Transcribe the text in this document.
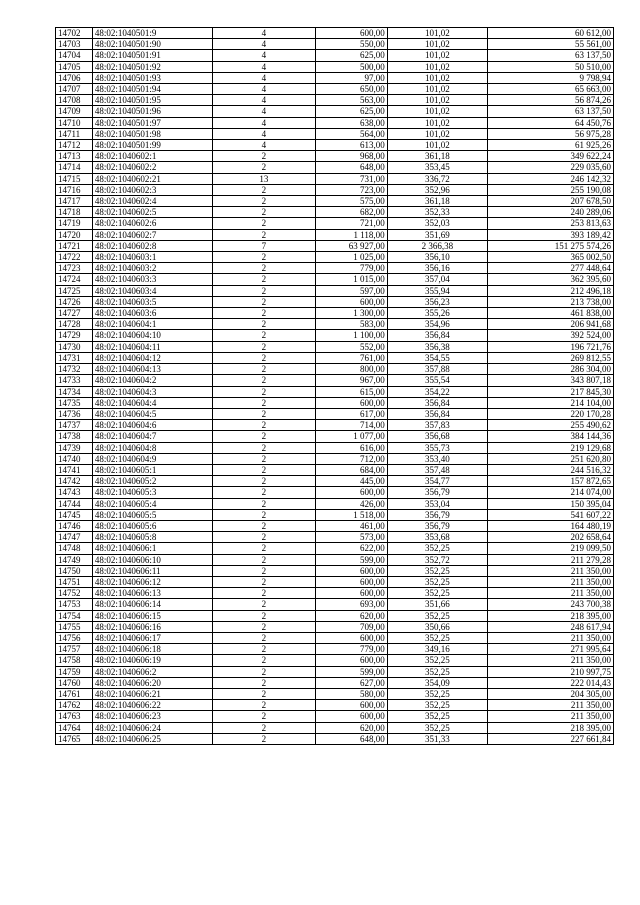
14702	48:02:1040501:9	4	600,00	101,02	60 612,00
14703	48:02:1040501:90	4	550,00	101,02	55 561,00
14704	48:02:1040501:91	4	625,00	101,02	63 137,50
14705	48:02:1040501:92	4	500,00	101,02	50 510,00
14706	48:02:1040501:93	4	97,00	101,02	9 798,94
14707	48:02:1040501:94	4	650,00	101,02	65 663,00
14708	48:02:1040501:95	4	563,00	101,02	56 874,26
14709	48:02:1040501:96	4	625,00	101,02	63 137,50
14710	48:02:1040501:97	4	638,00	101,02	64 450,76
14711	48:02:1040501:98	4	564,00	101,02	56 975,28
14712	48:02:1040501:99	4	613,00	101,02	61 925,26
14713	48:02:1040602:1	2	968,00	361,18	349 622,24
14714	48:02:1040602:2	2	648,00	353,45	229 035,60
14715	48:02:1040602:21	13	731,00	336,72	246 142,32
14716	48:02:1040602:3	2	723,00	352,96	255 190,08
14717	48:02:1040602:4	2	575,00	361,18	207 678,50
14718	48:02:1040602:5	2	682,00	352,33	240 289,06
14719	48:02:1040602:6	2	721,00	352,03	253 813,63
14720	48:02:1040602:7	2	1 118,00	351,69	393 189,42
14721	48:02:1040602:8	7	63 927,00	2 366,38	151 275 574,26
14722	48:02:1040603:1	2	1 025,00	356,10	365 002,50
14723	48:02:1040603:2	2	779,00	356,16	277 448,64
14724	48:02:1040603:3	2	1 015,00	357,04	362 395,60
14725	48:02:1040603:4	2	597,00	355,94	212 496,18
14726	48:02:1040603:5	2	600,00	356,23	213 738,00
14727	48:02:1040603:6	2	1 300,00	355,26	461 838,00
14728	48:02:1040604:1	2	583,00	354,96	206 941,68
14729	48:02:1040604:10	2	1 100,00	356,84	392 524,00
14730	48:02:1040604:11	2	552,00	356,38	196 721,76
14731	48:02:1040604:12	2	761,00	354,55	269 812,55
14732	48:02:1040604:13	2	800,00	357,88	286 304,00
14733	48:02:1040604:2	2	967,00	355,54	343 807,18
14734	48:02:1040604:3	2	615,00	354,22	217 845,30
14735	48:02:1040604:4	2	600,00	356,84	214 104,00
14736	48:02:1040604:5	2	617,00	356,84	220 170,28
14737	48:02:1040604:6	2	714,00	357,83	255 490,62
14738	48:02:1040604:7	2	1 077,00	356,68	384 144,36
14739	48:02:1040604:8	2	616,00	355,73	219 129,68
14740	48:02:1040604:9	2	712,00	353,40	251 620,80
14741	48:02:1040605:1	2	684,00	357,48	244 516,32
14742	48:02:1040605:2	2	445,00	354,77	157 872,65
14743	48:02:1040605:3	2	600,00	356,79	214 074,00
14744	48:02:1040605:4	2	426,00	353,04	150 395,04
14745	48:02:1040605:5	2	1 518,00	356,79	541 607,22
14746	48:02:1040605:6	2	461,00	356,79	164 480,19
14747	48:02:1040605:8	2	573,00	353,68	202 658,64
14748	48:02:1040606:1	2	622,00	352,25	219 099,50
14749	48:02:1040606:10	2	599,00	352,72	211 279,28
14750	48:02:1040606:11	2	600,00	352,25	211 350,00
14751	48:02:1040606:12	2	600,00	352,25	211 350,00
14752	48:02:1040606:13	2	600,00	352,25	211 350,00
14753	48:02:1040606:14	2	693,00	351,66	243 700,38
14754	48:02:1040606:15	2	620,00	352,25	218 395,00
14755	48:02:1040606:16	2	709,00	350,66	248 617,94
14756	48:02:1040606:17	2	600,00	352,25	211 350,00
14757	48:02:1040606:18	2	779,00	349,16	271 995,64
14758	48:02:1040606:19	2	600,00	352,25	211 350,00
14759	48:02:1040606:2	2	599,00	352,25	210 997,75
14760	48:02:1040606:20	2	627,00	354,09	222 014,43
14761	48:02:1040606:21	2	580,00	352,25	204 305,00
14762	48:02:1040606:22	2	600,00	352,25	211 350,00
14763	48:02:1040606:23	2	600,00	352,25	211 350,00
14764	48:02:1040606:24	2	620,00	352,25	218 395,00
14765	48:02:1040606:25	2	648,00	351,33	227 661,84
